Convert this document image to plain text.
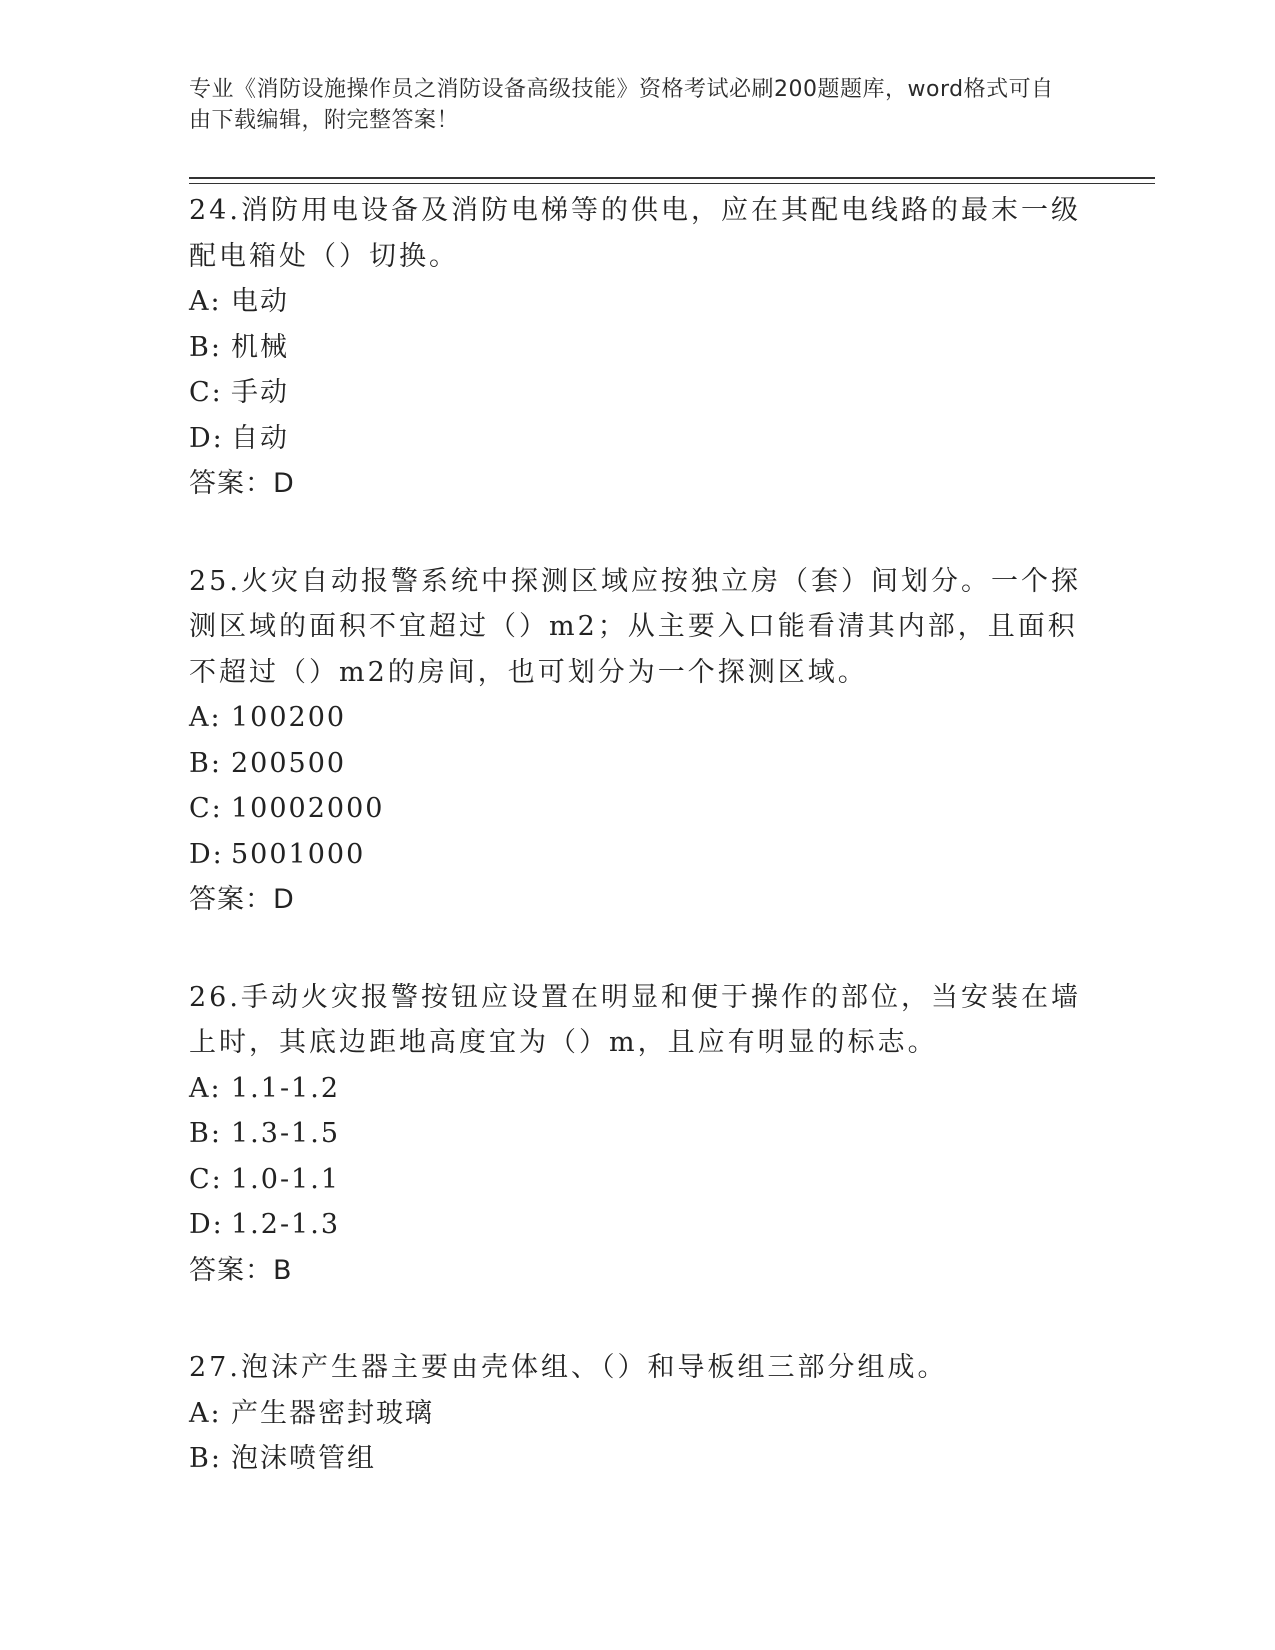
专业《消防设施操作员之消防设备高级技能》资格考试必刷200题题库，word格式可自由下载编辑，附完整答案！

24.消防用电设备及消防电梯等的供电，应在其配电线路的最末一级配电箱处（）切换。

A: 电动

B: 机械

C: 手动

D: 自动

答案：D

25.火灾自动报警系统中探测区域应按独立房（套）间划分。一个探测区域的面积不宜超过（）m2；从主要入口能看清其内部，且面积不超过（）m2的房间，也可划分为一个探测区域。

A: 100200

B: 200500

C: 10002000

D: 5001000

答案：D

26.手动火灾报警按钮应设置在明显和便于操作的部位，当安装在墙上时，其底边距地高度宜为（）m，且应有明显的标志。

A: 1.1-1.2

B: 1.3-1.5

C: 1.0-1.1

D: 1.2-1.3

答案：B

27.泡沫产生器主要由壳体组、（）和导板组三部分组成。

A: 产生器密封玻璃

B: 泡沫喷管组
